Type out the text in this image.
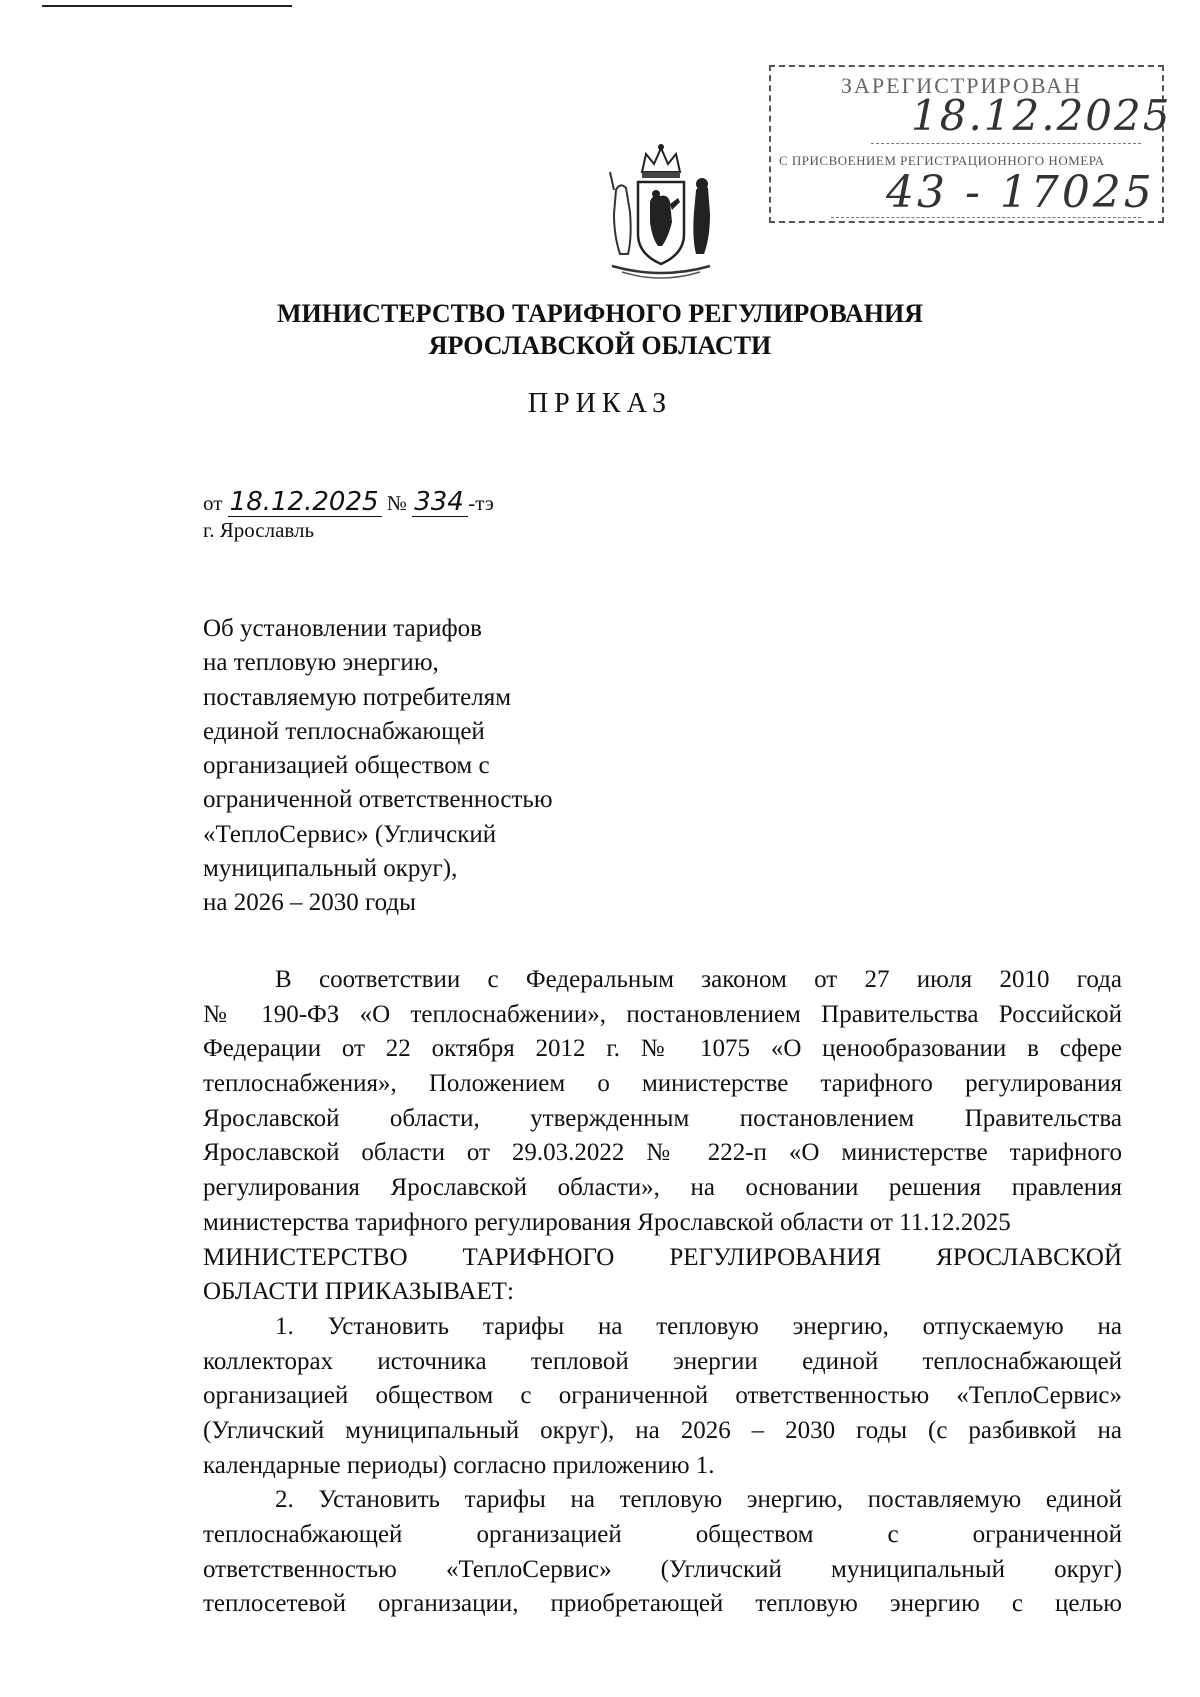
ЗАРЕГИСТРИРОВАН
18.12.2025
С ПРИСВОЕНИЕМ РЕГИСТРАЦИОННОГО НОМЕРА
43 - 17025
МИНИСТЕРСТВО ТАРИФНОГО РЕГУЛИРОВАНИЯ
ЯРОСЛАВСКОЙ ОБЛАСТИ
ПРИКАЗ
от 18.12.2025 № 334 -тэ
г. Ярославль
Об установлении тарифов
на тепловую энергию,
поставляемую потребителям
единой теплоснабжающей
организацией обществом с
ограниченной ответственностью
«ТеплоСервис» (Угличский
муниципальный округ),
на 2026 – 2030 годы
В соответствии с Федеральным законом от 27 июля 2010 года
№ 190-ФЗ «О теплоснабжении», постановлением Правительства Российской
Федерации от 22 октября 2012 г. № 1075 «О ценообразовании в сфере
теплоснабжения», Положением о министерстве тарифного регулирования
Ярославской области, утвержденным постановлением Правительства
Ярославской области от 29.03.2022 № 222-п «О министерстве тарифного
регулирования Ярославской области», на основании решения правления
министерства тарифного регулирования Ярославской области от 11.12.2025
МИНИСТЕРСТВО ТАРИФНОГО РЕГУЛИРОВАНИЯ ЯРОСЛАВСКОЙ
ОБЛАСТИ ПРИКАЗЫВАЕТ:
1. Установить тарифы на тепловую энергию, отпускаемую на
коллекторах источника тепловой энергии единой теплоснабжающей
организацией обществом с ограниченной ответственностью «ТеплоСервис»
(Угличский муниципальный округ), на 2026 – 2030 годы (с разбивкой на
календарные периоды) согласно приложению 1.
2. Установить тарифы на тепловую энергию, поставляемую единой
теплоснабжающей организацией обществом с ограниченной
ответственностью «ТеплоСервис» (Угличский муниципальный округ)
теплосетевой организации, приобретающей тепловую энергию с целью
